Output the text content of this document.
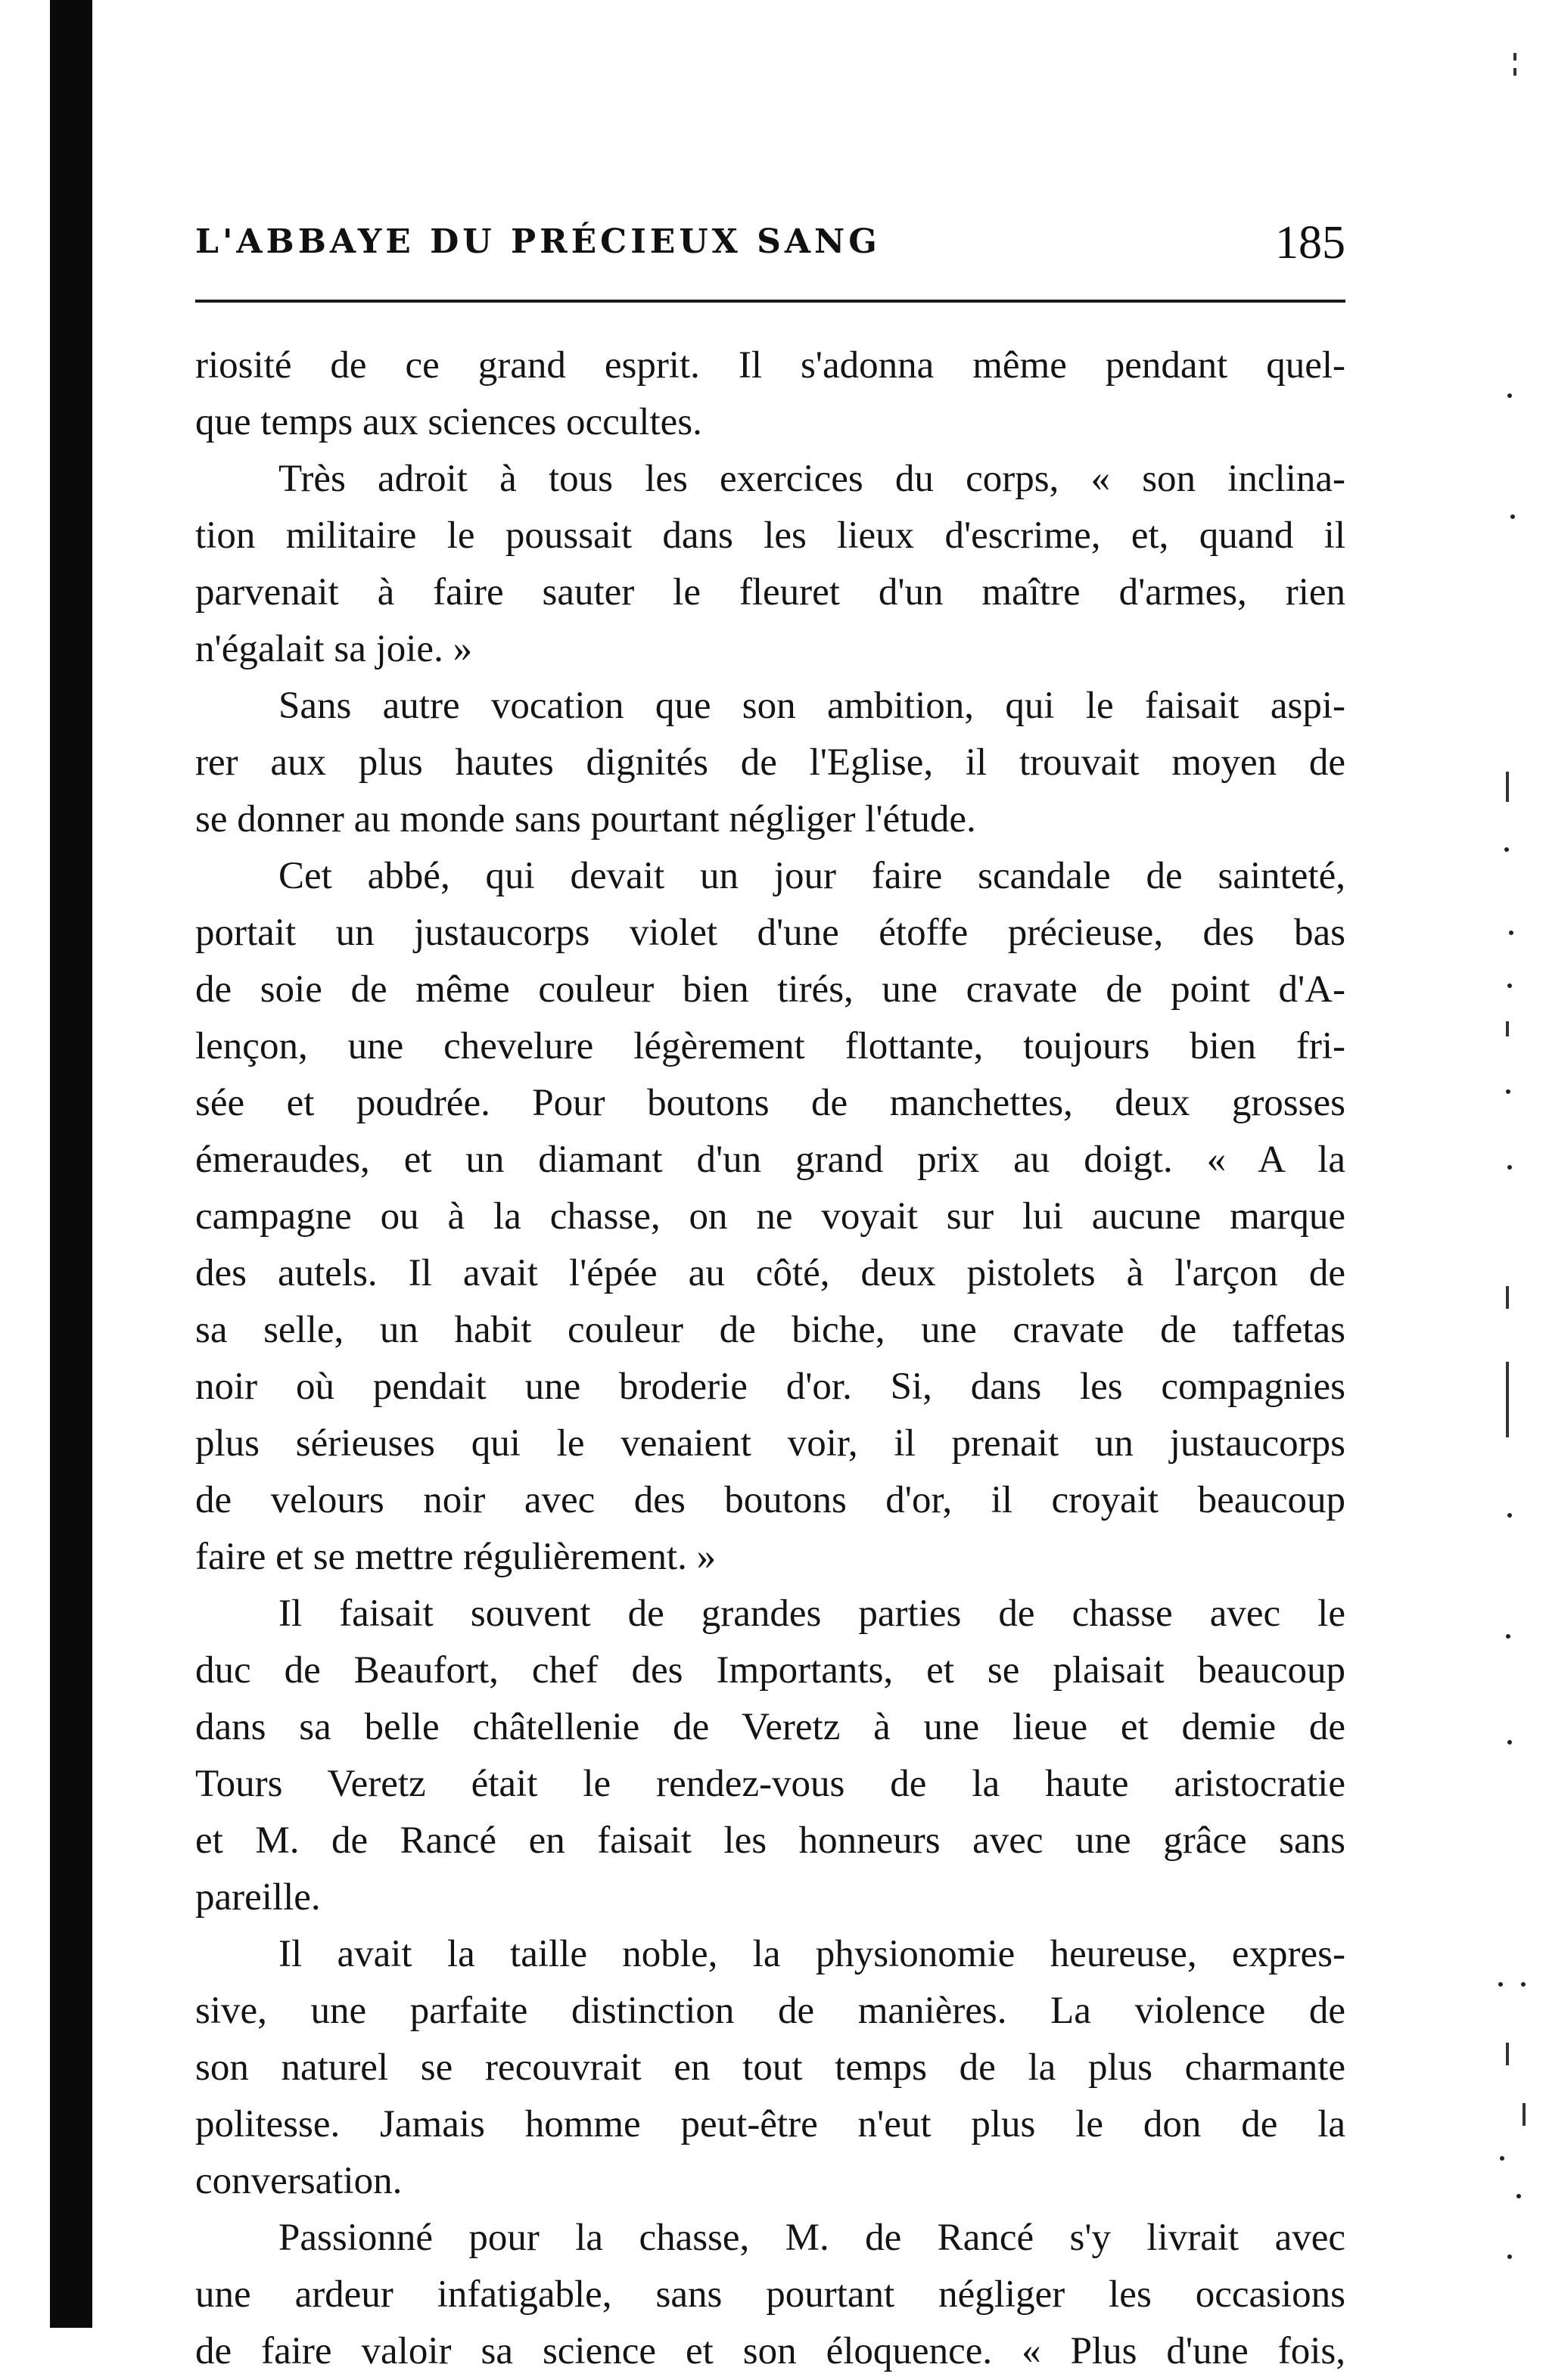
L'ABBAYE DU PRÉCIEUX SANG	185
riosité de ce grand esprit. Il s'adonna même pendant quel-
que temps aux sciences occultes.
Très adroit à tous les exercices du corps, « son inclina-
tion militaire le poussait dans les lieux d'escrime, et, quand il
parvenait à faire sauter le fleuret d'un maître d'armes, rien
n'égalait sa joie. »
Sans autre vocation que son ambition, qui le faisait aspi-
rer aux plus hautes dignités de l'Eglise, il trouvait moyen de
se donner au monde sans pourtant négliger l'étude.
Cet abbé, qui devait un jour faire scandale de sainteté,
portait un justaucorps violet d'une étoffe précieuse, des bas
de soie de même couleur bien tirés, une cravate de point d'A-
lençon, une chevelure légèrement flottante, toujours bien fri-
sée et poudrée. Pour boutons de manchettes, deux grosses
émeraudes, et un diamant d'un grand prix au doigt. « A la
campagne ou à la chasse, on ne voyait sur lui aucune marque
des autels. Il avait l'épée au côté, deux pistolets à l'arçon de
sa selle, un habit couleur de biche, une cravate de taffetas
noir où pendait une broderie d'or. Si, dans les compagnies
plus sérieuses qui le venaient voir, il prenait un justaucorps
de velours noir avec des boutons d'or, il croyait beaucoup
faire et se mettre régulièrement. »
Il faisait souvent de grandes parties de chasse avec le
duc de Beaufort, chef des Importants, et se plaisait beaucoup
dans sa belle châtellenie de Veretz à une lieue et demie de
Tours Veretz était le rendez-vous de la haute aristocratie
et M. de Rancé en faisait les honneurs avec une grâce sans
pareille.
Il avait la taille noble, la physionomie heureuse, expres-
sive, une parfaite distinction de manières. La violence de
son naturel se recouvrait en tout temps de la plus charmante
politesse. Jamais homme peut-être n'eut plus le don de la
conversation.
Passionné pour la chasse, M. de Rancé s'y livrait avec
une ardeur infatigable, sans pourtant négliger les occasions
de faire valoir sa science et son éloquence. « Plus d'une fois,
